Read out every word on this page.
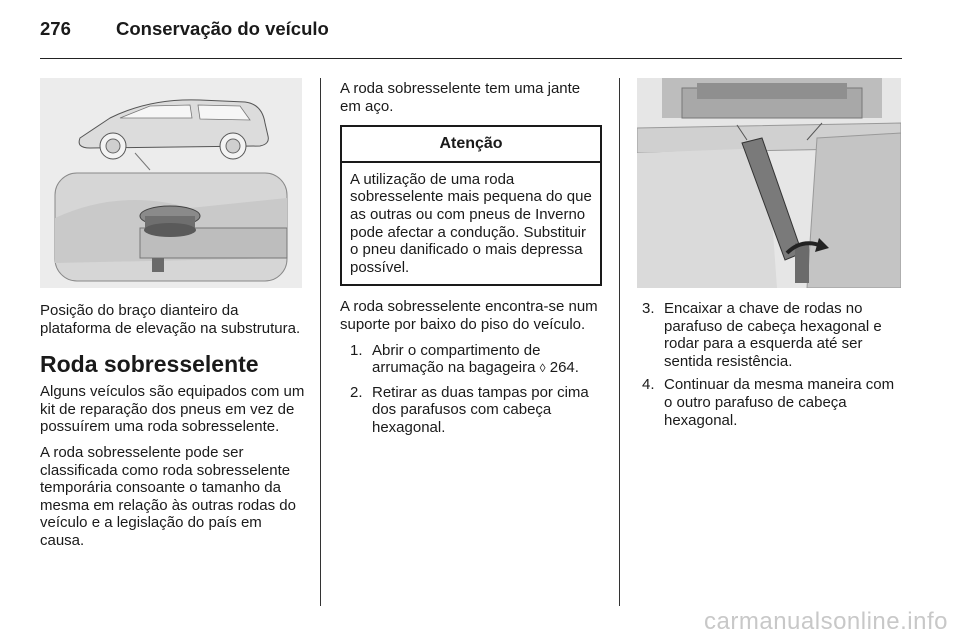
276 Conservação do veículo

Posição do braço dianteiro da plataforma de elevação na substrutura.

Roda sobresselente

Alguns veículos são equipados com um kit de reparação dos pneus em vez de possuírem uma roda sobresselente.

A roda sobresselente pode ser classificada como roda sobresselente temporária consoante o tamanho da mesma em relação às outras rodas do veículo e a legislação do país em causa.

A roda sobresselente tem uma jante em aço.

Atenção
A utilização de uma roda sobresselente mais pequena do que as outras ou com pneus de Inverno pode afectar a condução. Substituir o pneu danificado o mais depressa possível.

A roda sobresselente encontra-se num suporte por baixo do piso do veículo.

1. Abrir o compartimento de arrumação na bagageira ◊ 264.
2. Retirar as duas tampas por cima dos parafusos com cabeça hexagonal.
3. Encaixar a chave de rodas no parafuso de cabeça hexagonal e rodar para a esquerda até ser sentida resistência.
4. Continuar da mesma maneira com o outro parafuso de cabeça hexagonal.
carmanualsonline.info
